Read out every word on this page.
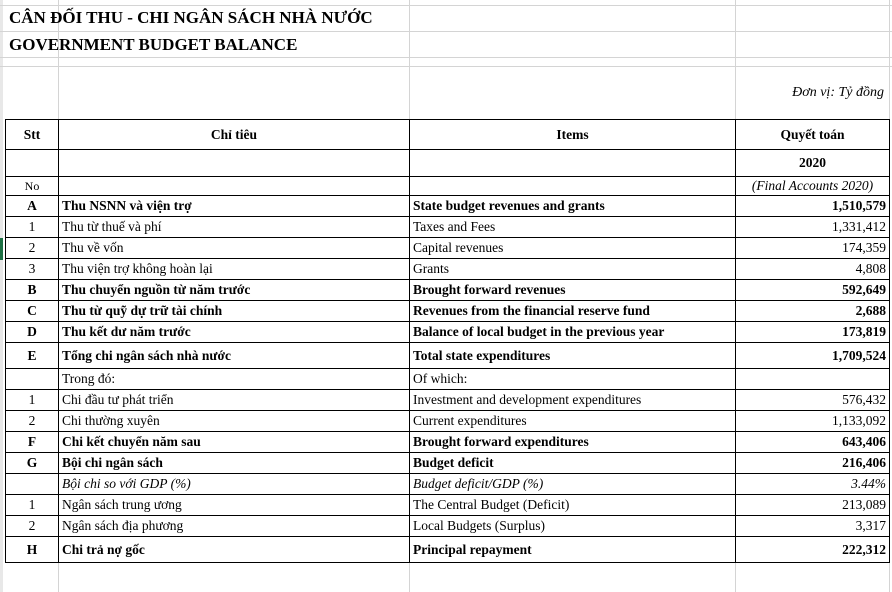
CÂN ĐỐI THU - CHI NGÂN SÁCH NHÀ NƯỚC
GOVERNMENT BUDGET BALANCE
Đơn vị: Tỷ đồng
Stt	Chỉ tiêu	Items	Quyết toán
			2020
No			(Final Accounts 2020)
A	Thu NSNN và viện trợ	State budget revenues and grants	1,510,579
1	Thu từ thuế và phí	Taxes and Fees	1,331,412
2	Thu về vốn	Capital revenues	174,359
3	Thu viện trợ không hoàn lại	Grants	4,808
B	Thu chuyển nguồn từ năm trước	Brought forward revenues	592,649
C	Thu từ quỹ dự trữ tài chính	Revenues from the financial reserve fund	2,688
D	Thu kết dư năm trước	Balance of local budget in the previous year	173,819
E	Tổng chi ngân sách nhà nước	Total state expenditures	1,709,524
	Trong đó:	Of which:	
1	Chi đầu tư phát triển	Investment and development expenditures	576,432
2	Chi thường xuyên	Current expenditures	1,133,092
F	Chi kết chuyển năm sau	Brought forward expenditures	643,406
G	Bội chi ngân sách	Budget deficit	216,406
	Bội chi so với GDP (%)	Budget deficit/GDP (%)	3.44%
1	Ngân sách trung ương	The Central Budget (Deficit)	213,089
2	Ngân sách địa phương	Local Budgets (Surplus)	3,317
H	Chi trả nợ gốc	Principal repayment	222,312
